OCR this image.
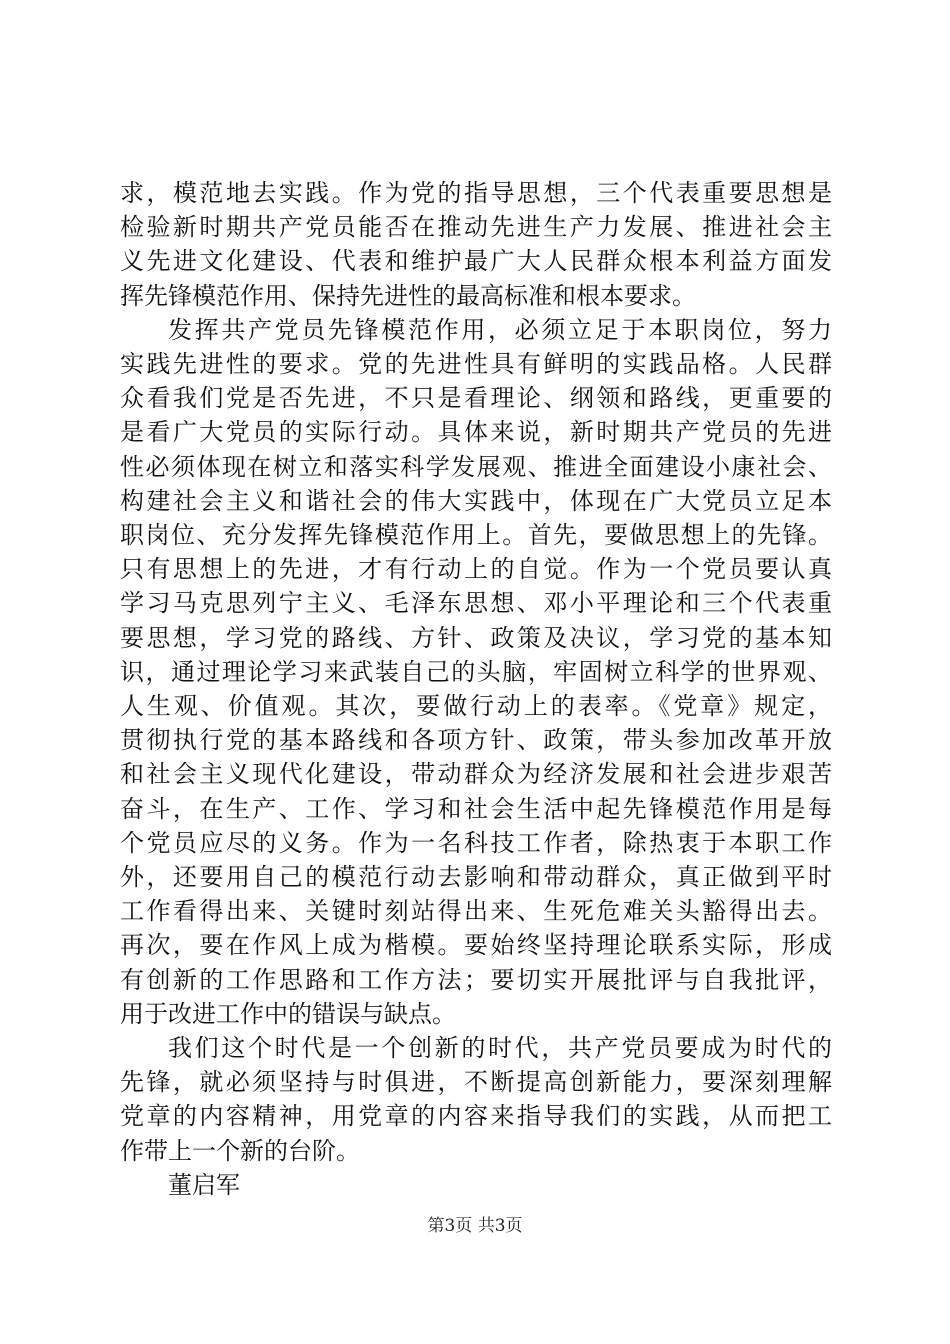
求，模范地去实践。作为党的指导思想，三个代表重要思想是
检验新时期共产党员能否在推动先进生产力发展、推进社会主
义先进文化建设、代表和维护最广大人民群众根本利益方面发
挥先锋模范作用、保持先进性的最高标准和根本要求。
发挥共产党员先锋模范作用，必须立足于本职岗位，努力
实践先进性的要求。党的先进性具有鲜明的实践品格。人民群
众看我们党是否先进，不只是看理论、纲领和路线，更重要的
是看广大党员的实际行动。具体来说，新时期共产党员的先进
性必须体现在树立和落实科学发展观、推进全面建设小康社会、
构建社会主义和谐社会的伟大实践中，体现在广大党员立足本
职岗位、充分发挥先锋模范作用上。首先，要做思想上的先锋。
只有思想上的先进，才有行动上的自觉。作为一个党员要认真
学习马克思列宁主义、毛泽东思想、邓小平理论和三个代表重
要思想，学习党的路线、方针、政策及决议，学习党的基本知
识，通过理论学习来武装自己的头脑，牢固树立科学的世界观、
人生观、价值观。其次，要做行动上的表率。《党章》规定，
贯彻执行党的基本路线和各项方针、政策，带头参加改革开放
和社会主义现代化建设，带动群众为经济发展和社会进步艰苦
奋斗，在生产、工作、学习和社会生活中起先锋模范作用是每
个党员应尽的义务。作为一名科技工作者，除热衷于本职工作
外，还要用自己的模范行动去影响和带动群众，真正做到平时
工作看得出来、关键时刻站得出来、生死危难关头豁得出去。
再次，要在作风上成为楷模。要始终坚持理论联系实际，形成
有创新的工作思路和工作方法；要切实开展批评与自我批评，
用于改进工作中的错误与缺点。
我们这个时代是一个创新的时代，共产党员要成为时代的
先锋，就必须坚持与时俱进，不断提高创新能力，要深刻理解
党章的内容精神，用党章的内容来指导我们的实践，从而把工
作带上一个新的台阶。
董启军
第3页 共3页
